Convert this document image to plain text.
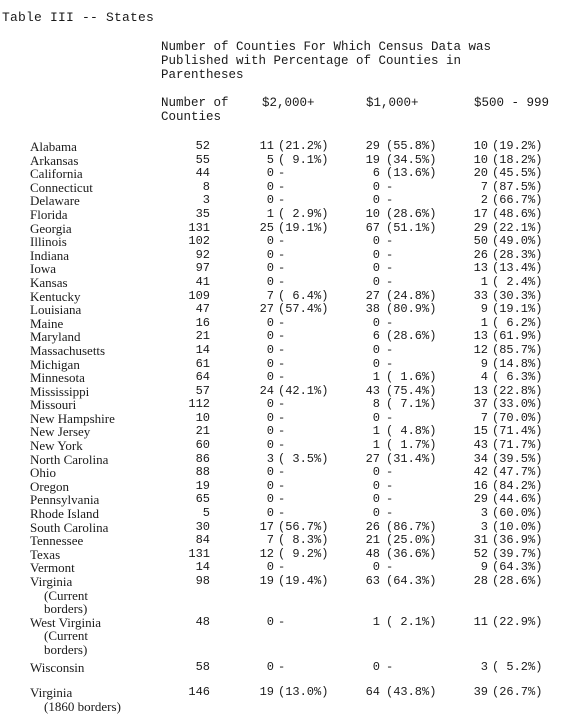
Table III -- States
Number of Counties For Which Census Data was
Published with Percentage of Counties in
Parentheses
Number of
Counties
$2,000+	$1,000+	$500 - 999
Alabama	52	11 (21.2%)	29 (55.8%)	10 (19.2%)
Arkansas	55	5 ( 9.1%)	19 (34.5%)	10 (18.2%)
California	44	0 -	6 (13.6%)	20 (45.5%)
Connecticut	8	0 -	0 -	7 (87.5%)
Delaware	3	0 -	0 -	2 (66.7%)
Florida	35	1 ( 2.9%)	10 (28.6%)	17 (48.6%)
Georgia	131	25 (19.1%)	67 (51.1%)	29 (22.1%)
Illinois	102	0 -	0 -	50 (49.0%)
Indiana	92	0 -	0 -	26 (28.3%)
Iowa	97	0 -	0 -	13 (13.4%)
Kansas	41	0 -	0 -	1 ( 2.4%)
Kentucky	109	7 ( 6.4%)	27 (24.8%)	33 (30.3%)
Louisiana	47	27 (57.4%)	38 (80.9%)	9 (19.1%)
Maine	16	0 -	0 -	1 ( 6.2%)
Maryland	21	0 -	6 (28.6%)	13 (61.9%)
Massachusetts	14	0 -	0 -	12 (85.7%)
Michigan	61	0 -	0 -	9 (14.8%)
Minnesota	64	0 -	1 ( 1.6%)	4 ( 6.3%)
Mississippi	57	24 (42.1%)	43 (75.4%)	13 (22.8%)
Missouri	112	0 -	8 ( 7.1%)	37 (33.0%)
New Hampshire	10	0 -	0 -	7 (70.0%)
New Jersey	21	0 -	1 ( 4.8%)	15 (71.4%)
New York	60	0 -	1 ( 1.7%)	43 (71.7%)
North Carolina	86	3 ( 3.5%)	27 (31.4%)	34 (39.5%)
Ohio	88	0 -	0 -	42 (47.7%)
Oregon	19	0 -	0 -	16 (84.2%)
Pennsylvania	65	0 -	0 -	29 (44.6%)
Rhode Island	5	0 -	0 -	3 (60.0%)
South Carolina	30	17 (56.7%)	26 (86.7%)	3 (10.0%)
Tennessee	84	7 ( 8.3%)	21 (25.0%)	31 (36.9%)
Texas	131	12 ( 9.2%)	48 (36.6%)	52 (39.7%)
Vermont	14	0 -	0 -	9 (64.3%)
Virginia	98	19 (19.4%)	63 (64.3%)	28 (28.6%)
(Current
borders)
West Virginia	48	0 -	1 ( 2.1%)	11 (22.9%)
(Current
borders)
Wisconsin	58	0 -	0 -	3 ( 5.2%)
Virginia	146	19 (13.0%)	64 (43.8%)	39 (26.7%)
(1860 borders)
